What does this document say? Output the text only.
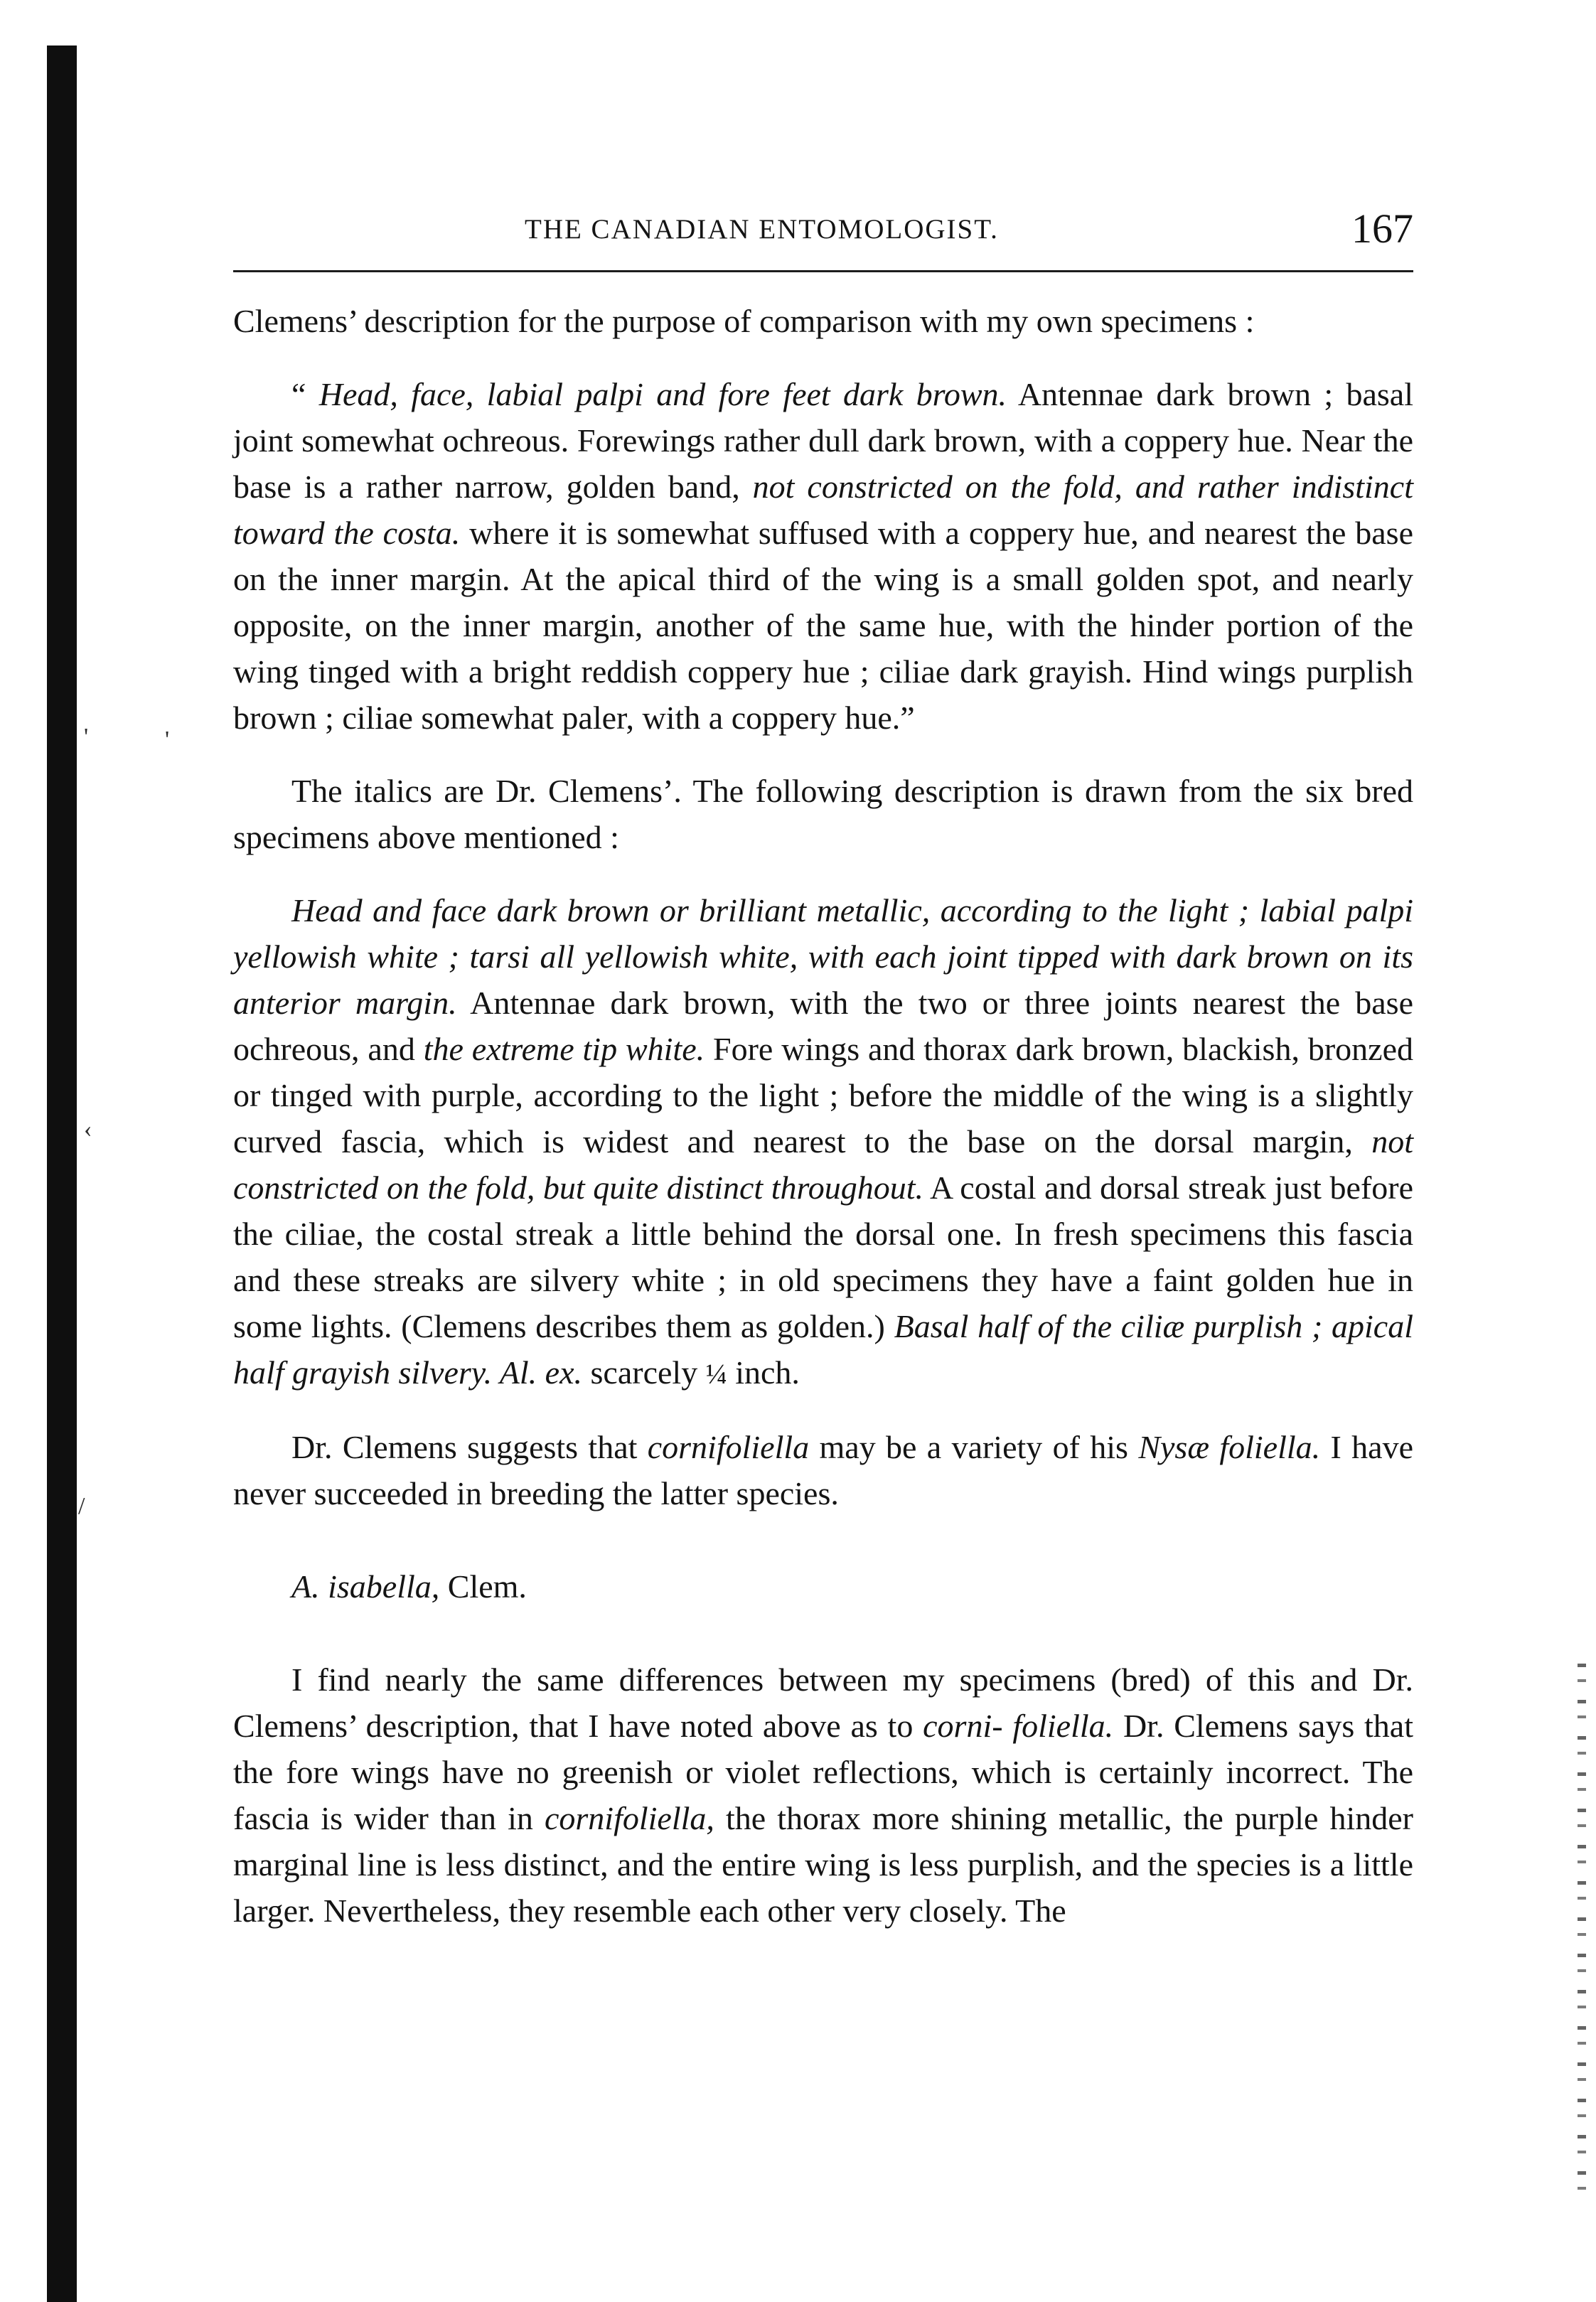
'	'
‹
/
THE CANADIAN ENTOMOLOGIST.	167

Clemens’ description for the purpose of comparison with my own specimens :

“ Head, face, labial palpi and fore feet dark brown. Antennae dark brown ; basal joint somewhat ochreous. Forewings rather dull dark brown, with a coppery hue. Near the base is a rather narrow, golden band, not constricted on the fold, and rather indistinct toward the costa. where it is somewhat suffused with a coppery hue, and nearest the base on the inner margin. At the apical third of the wing is a small golden spot, and nearly opposite, on the inner margin, another of the same hue, with the hinder portion of the wing tinged with a bright reddish coppery hue ; ciliae dark grayish. Hind wings purplish brown ; ciliae somewhat paler, with a coppery hue.”

The italics are Dr. Clemens’. The following description is drawn from the six bred specimens above mentioned :

Head and face dark brown or brilliant metallic, according to the light ; labial palpi yellowish white ; tarsi all yellowish white, with each joint tipped with dark brown on its anterior margin. Antennae dark brown, with the two or three joints nearest the base ochreous, and the extreme tip white. Fore wings and thorax dark brown, blackish, bronzed or tinged with purple, according to the light ; before the middle of the wing is a slightly curved fascia, which is widest and nearest to the base on the dorsal margin, not constricted on the fold, but quite distinct throughout. A costal and dorsal streak just before the ciliae, the costal streak a little behind the dorsal one. In fresh specimens this fascia and these streaks are silvery white ; in old specimens they have a faint golden hue in some lights. (Clemens describes them as golden.) Basal half of the ciliæ purplish ; apical half grayish silvery. Al. ex. scarcely ¼ inch.

Dr. Clemens suggests that cornifoliella may be a variety of his Nysæ foliella. I have never succeeded in breeding the latter species.

A. isabella, Clem.

I find nearly the same differences between my specimens (bred) of this and Dr. Clemens’ description, that I have noted above as to corni- foliella. Dr. Clemens says that the fore wings have no greenish or violet reflections, which is certainly incorrect. The fascia is wider than in cornifoliella, the thorax more shining metallic, the purple hinder marginal line is less distinct, and the entire wing is less purplish, and the species is a little larger. Nevertheless, they resemble each other very closely. The
